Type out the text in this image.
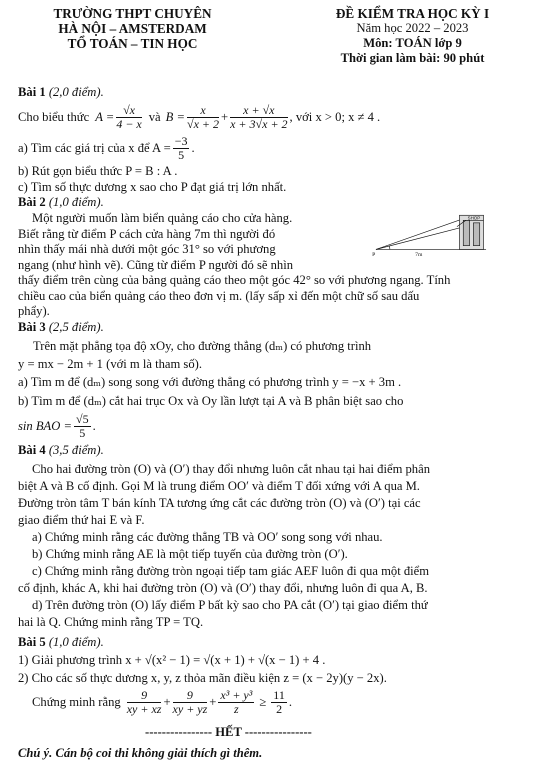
TRƯỜNG THPT CHUYÊN
HÀ NỘI – AMSTERDAM
TỔ TOÁN – TIN HỌC
ĐỀ KIỂM TRA HỌC KỲ I
Năm học 2022 – 2023
Môn: TOÁN lớp 9
Thời gian làm bài: 90 phút
Bài 1 (2,0 điểm).
Cho biểu thức $A = \frac{√x}{4 - x}$ và $B = \frac{x}{√x + 2} + \frac{x + √x}{x + 3√x + 2}$ , với x > 0; x ≠ 4 .
a) Tìm các giá trị của x để $A = \frac{-3}{5}$ .
b) Rút gọn biểu thức P = B : A .
c) Tìm số thực dương x sao cho P đạt giá trị lớn nhất.
Bài 2 (1,0 điểm).
Một người muốn làm biển quảng cáo cho cửa hàng.
Biết rằng từ điểm P cách cửa hàng 7m thì người đó
nhìn thấy mái nhà dưới một góc 31° so với phương
ngang (như hình vẽ). Cũng từ điểm P người đó sẽ nhìn
thấy điểm trên cùng của bảng quảng cáo theo một góc 42° so với phương ngang. Tính
chiều cao của biển quảng cáo theo đơn vị m. (lấy sấp xỉ đến một chữ số sau dấu
phẩy).
SHOP
P	7m
Bài 3 (2,5 điểm).
Trên mặt phẳng tọa độ xOy, cho đường thẳng (dₘ) có phương trình
y = mx − 2m + 1 (với m là tham số).
a) Tìm m để (dₘ) song song với đường thẳng có phương trình y = −x + 3m .
b) Tìm m để (dₘ) cắt hai trục Ox và Oy lần lượt tại A và B phân biệt sao cho
sin BAO = $\frac{√5}{5}$ .
Bài 4 (3,5 điểm).
Cho hai đường tròn (O) và (O′) thay đổi nhưng luôn cắt nhau tại hai điểm phân
biệt A và B cố định. Gọi M là trung điểm OO′ và điểm T đối xứng với A qua M.
Đường tròn tâm T bán kính TA tương ứng cắt các đường tròn (O) và (O′) tại các
giao điểm thứ hai E và F.
a) Chứng minh rằng các đường thẳng TB và OO′ song song với nhau.
b) Chứng minh rằng AE là một tiếp tuyến của đường tròn (O′).
c) Chứng minh rằng đường tròn ngoại tiếp tam giác AEF luôn đi qua một điểm
cố định, khác A, khi hai đường tròn (O) và (O′) thay đổi, nhưng luôn đi qua A, B.
d) Trên đường tròn (O) lấy điểm P bất kỳ sao cho PA cắt (O′) tại giao điểm thứ
hai là Q. Chứng minh rằng TP = TQ.
Bài 5 (1,0 điểm).
1) Giải phương trình x + √(x² − 1) = √(x + 1) + √(x − 1) + 4 .
2) Cho các số thực dương x, y, z thỏa mãn điều kiện z = (x − 2y)(y − 2x).
Chứng minh rằng $\frac{9}{xy + xz} + \frac{9}{xy + yz} + \frac{\text{x³ + y³}}{z} \ge \frac{11}{2}$ .
---------------- HẾT ----------------
Chú ý. Cán bộ coi thi không giải thích gì thêm.
